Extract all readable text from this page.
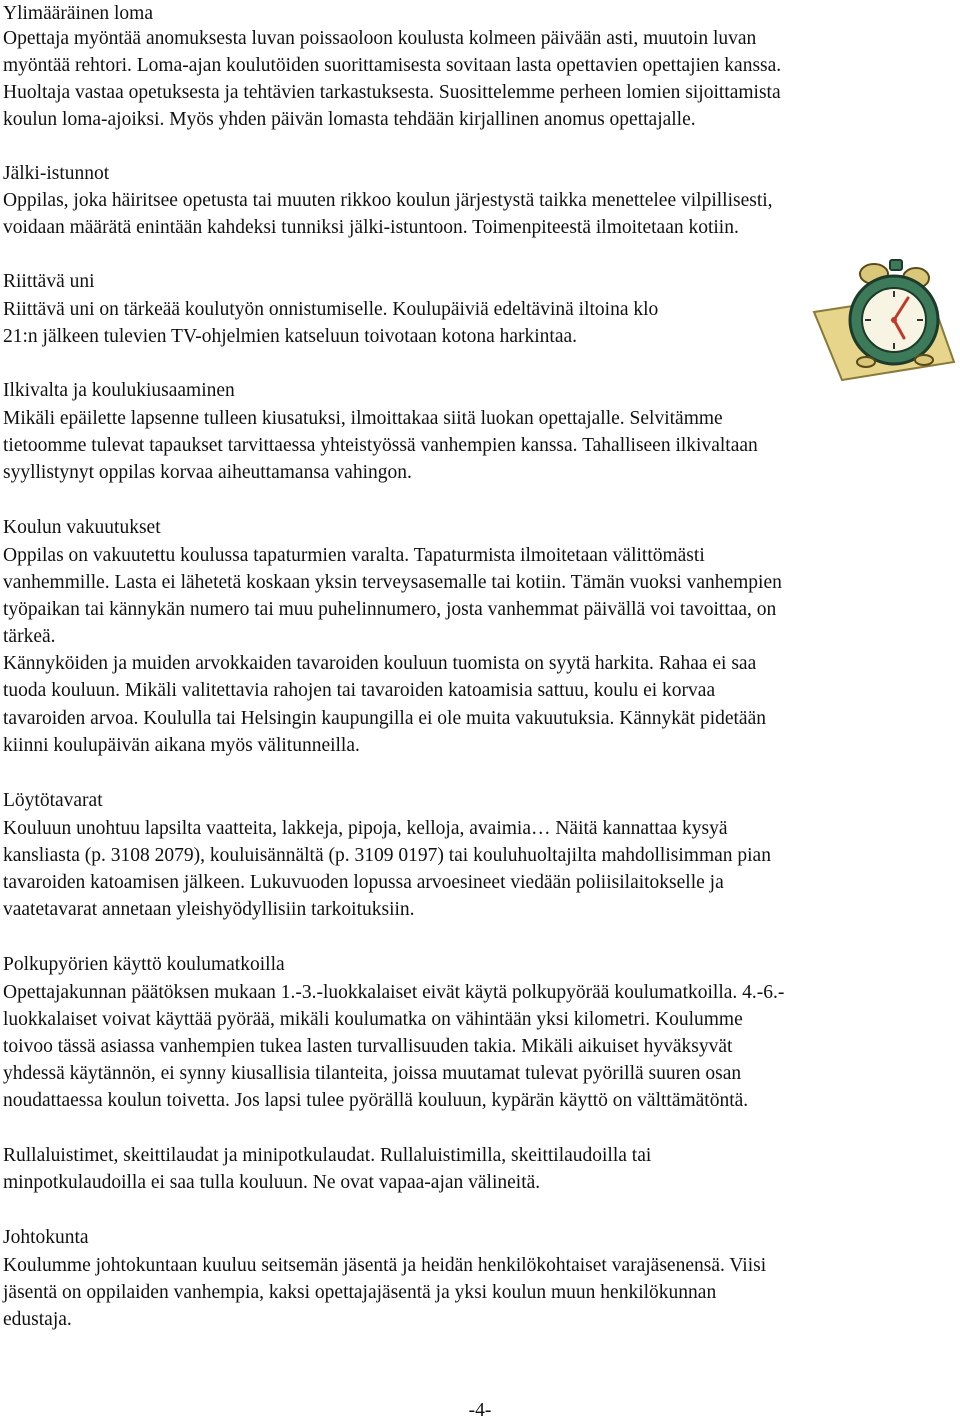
Ylimääräinen loma
Opettaja myöntää anomuksesta luvan poissaoloon koulusta kolmeen päivään asti, muutoin luvan
myöntää rehtori. Loma-ajan koulutöiden suorittamisesta sovitaan lasta opettavien opettajien kanssa.
Huoltaja vastaa opetuksesta ja tehtävien tarkastuksesta. Suosittelemme perheen lomien sijoittamista
koulun loma-ajoiksi. Myös yhden päivän lomasta tehdään kirjallinen anomus opettajalle.
Jälki-istunnot
Oppilas, joka häiritsee opetusta tai muuten rikkoo koulun järjestystä taikka menettelee vilpillisesti,
voidaan määrätä enintään kahdeksi tunniksi jälki-istuntoon. Toimenpiteestä ilmoitetaan kotiin.
Riittävä uni
Riittävä uni on tärkeää koulutyön onnistumiselle. Koulupäiviä edeltävinä iltoina klo
21:n jälkeen tulevien TV-ohjelmien katseluun toivotaan kotona harkintaa.
Ilkivalta ja koulukiusaaminen
Mikäli epäilette lapsenne tulleen kiusatuksi, ilmoittakaa siitä luokan opettajalle. Selvitämme
tietoomme tulevat tapaukset tarvittaessa yhteistyössä vanhempien kanssa. Tahalliseen ilkivaltaan
syyllistynyt oppilas korvaa aiheuttamansa vahingon.
Koulun vakuutukset
Oppilas on vakuutettu koulussa tapaturmien varalta. Tapaturmista ilmoitetaan välittömästi
vanhemmille. Lasta ei lähetetä koskaan yksin terveysasemalle tai kotiin. Tämän vuoksi vanhempien
työpaikan tai kännykän numero tai muu puhelinnumero, josta vanhemmat päivällä voi tavoittaa, on
tärkeä.
Kännyköiden ja muiden arvokkaiden tavaroiden kouluun tuomista on syytä harkita. Rahaa ei saa
tuoda kouluun. Mikäli valitettavia rahojen tai tavaroiden katoamisia sattuu, koulu ei korvaa
tavaroiden arvoa. Koululla tai Helsingin kaupungilla ei ole muita vakuutuksia. Kännykät pidetään
kiinni koulupäivän aikana myös välitunneilla.
Löytötavarat
Kouluun unohtuu lapsilta vaatteita, lakkeja, pipoja, kelloja, avaimia… Näitä kannattaa kysyä
kansliasta (p. 3108 2079), kouluisännältä (p. 3109 0197) tai kouluhuoltajilta mahdollisimman pian
tavaroiden katoamisen jälkeen. Lukuvuoden lopussa arvoesineet viedään poliisilaitokselle ja
vaatetavarat annetaan yleishyödyllisiin tarkoituksiin.
Polkupyörien käyttö koulumatkoilla
Opettajakunnan päätöksen mukaan 1.-3.-luokkalaiset eivät käytä polkupyörää koulumatkoilla. 4.-6.-
luokkalaiset voivat käyttää pyörää, mikäli koulumatka on vähintään yksi kilometri. Koulumme
toivoo tässä asiassa vanhempien tukea lasten turvallisuuden takia. Mikäli aikuiset hyväksyvät
yhdessä käytännön, ei synny kiusallisia tilanteita, joissa muutamat tulevat pyörillä suuren osan
noudattaessa koulun toivetta. Jos lapsi tulee pyörällä kouluun, kypärän käyttö on välttämätöntä.
Rullaluistimet, skeittilaudat ja minipotkulaudat. Rullaluistimilla, skeittilaudoilla tai
minpotkulaudoilla ei saa tulla kouluun. Ne ovat vapaa-ajan välineitä.
Johtokunta
Koulumme johtokuntaan kuuluu seitsemän jäsentä ja heidän henkilökohtaiset varajäsenensä. Viisi
jäsentä on oppilaiden vanhempia, kaksi opettajajäsentä ja yksi koulun muun henkilökunnan
edustaja.
-4-
